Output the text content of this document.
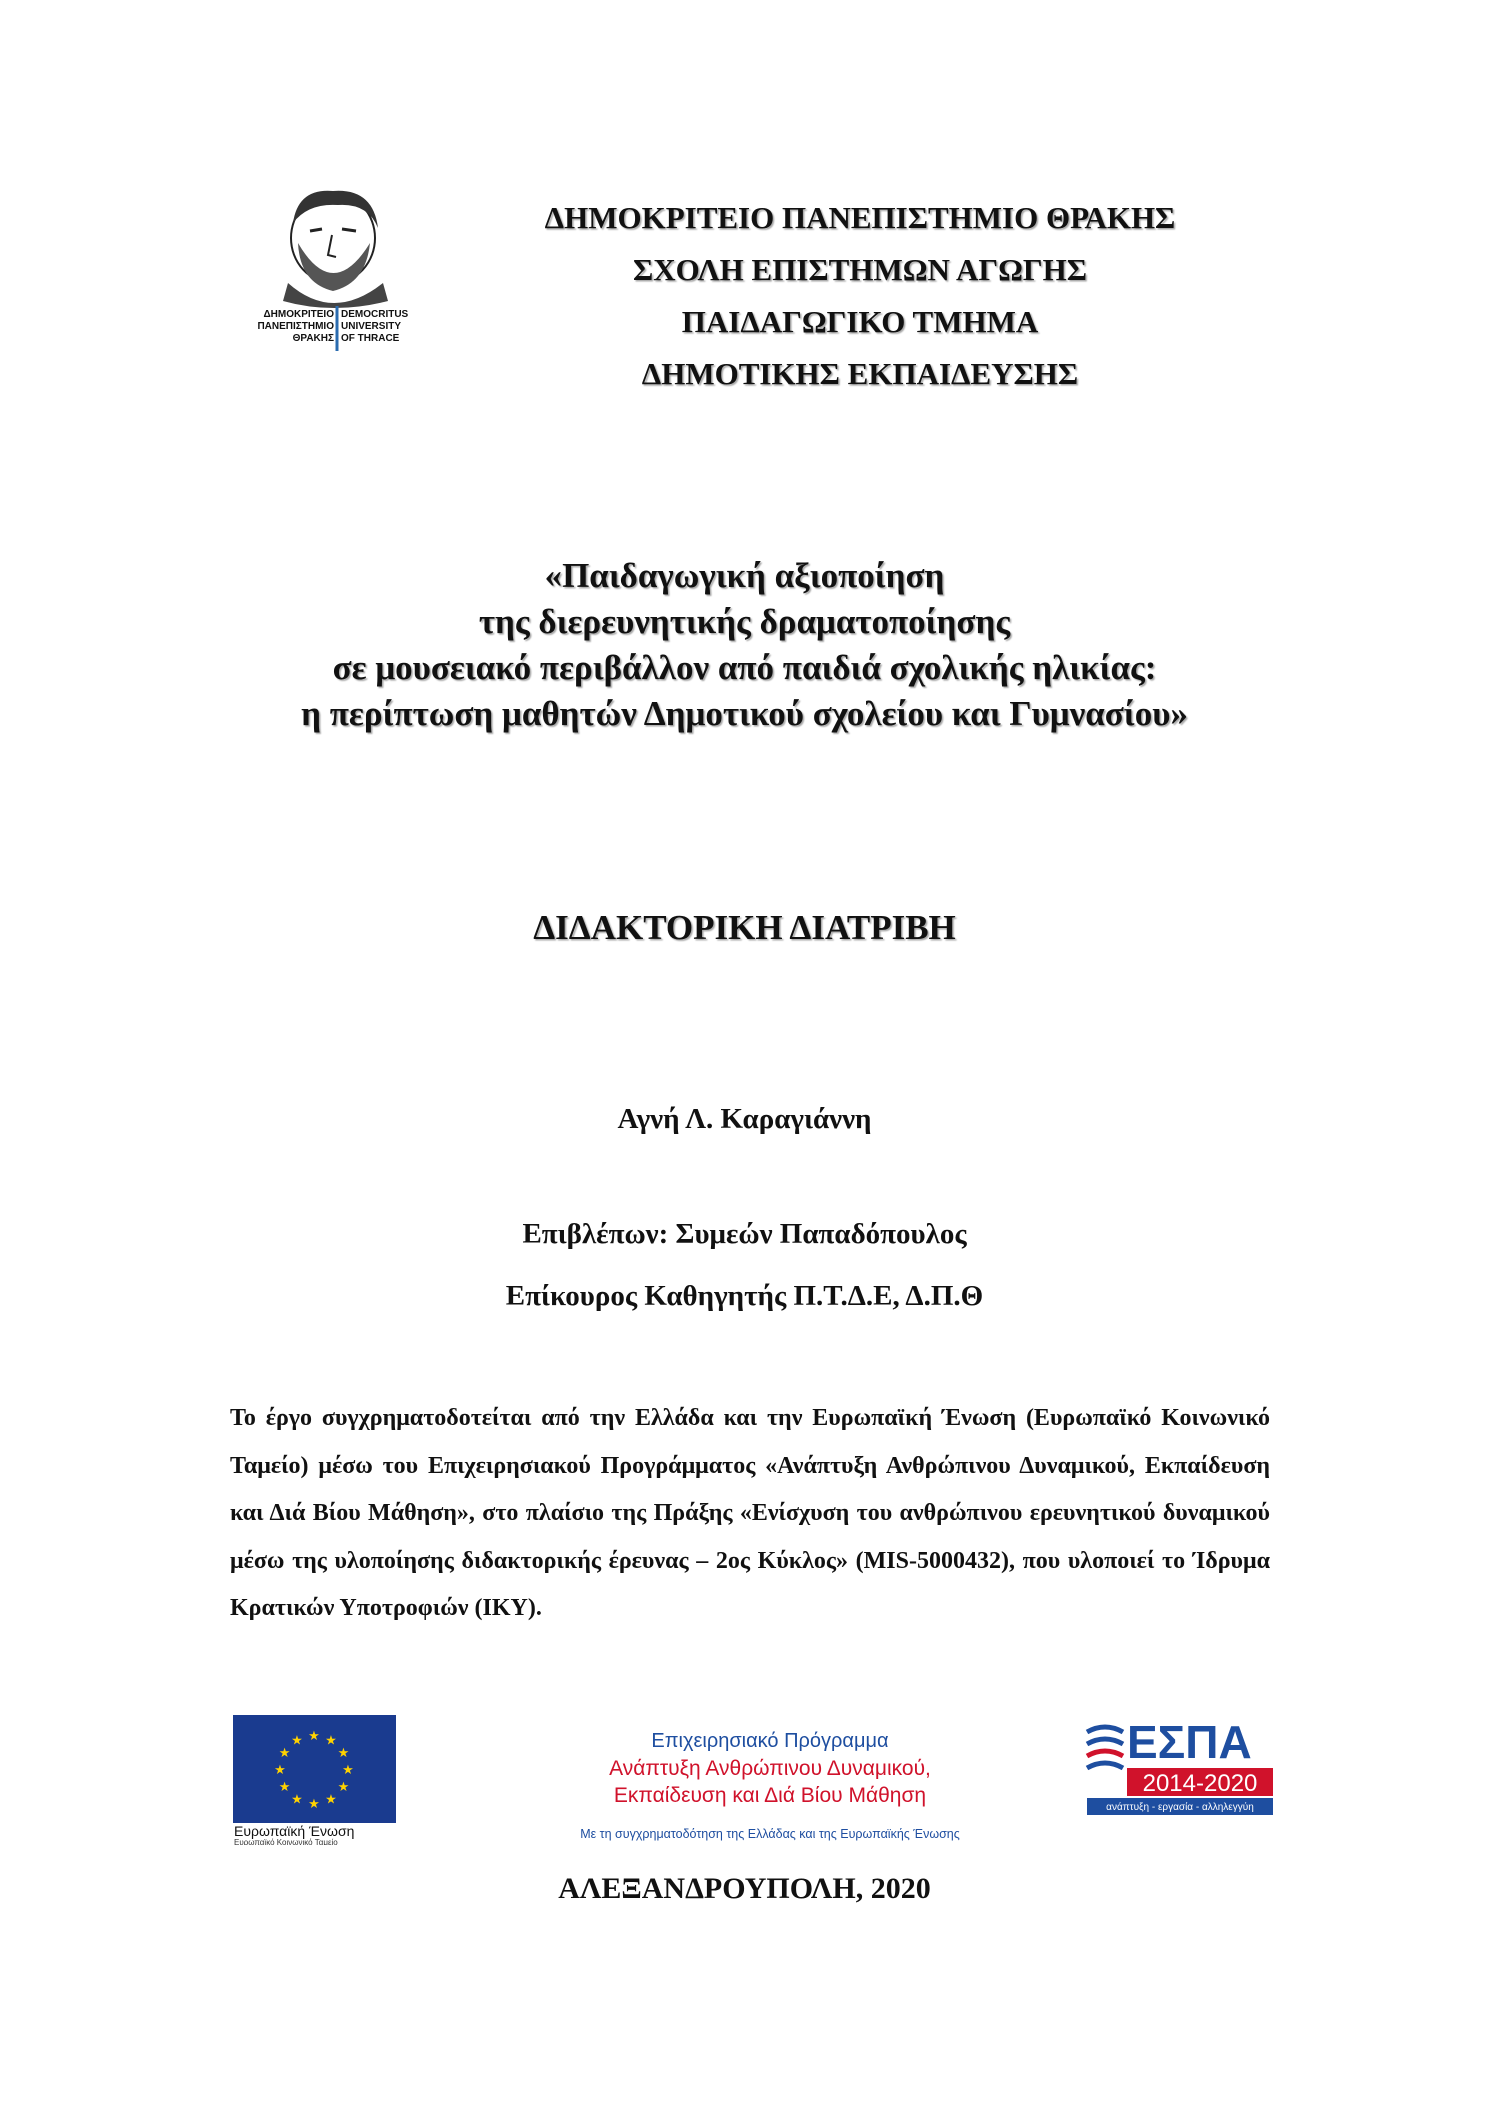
ΔΗΜΟΚΡΙΤΕΙΟ
ΠΑΝΕΠΙΣΤΗΜΙΟ
ΘΡΑΚΗΣ
DEMOCRITUS
UNIVERSITY
OF THRACE
ΔΗΜΟΚΡΙΤΕΙΟ ΠΑΝΕΠΙΣΤΗΜΙΟ ΘΡΑΚΗΣ
ΣΧΟΛΗ ΕΠΙΣΤΗΜΩΝ ΑΓΩΓΗΣ
ΠΑΙΔΑΓΩΓΙΚΟ ΤΜΗΜΑ
ΔΗΜΟΤΙΚΗΣ ΕΚΠΑΙΔΕΥΣΗΣ
«Παιδαγωγική αξιοποίηση
της διερευνητικής δραματοποίησης
σε μουσειακό περιβάλλον από παιδιά σχολικής ηλικίας:
η περίπτωση μαθητών Δημοτικού σχολείου και Γυμνασίου»
ΔΙΔΑΚΤΟΡΙΚΗ ΔΙΑΤΡΙΒΗ
Αγνή Λ. Καραγιάννη
Επιβλέπων: Συμεών Παπαδόπουλος
Επίκουρος Καθηγητής Π.Τ.Δ.Ε, Δ.Π.Θ
Το έργο συγχρηματοδοτείται από την Ελλάδα και την Ευρωπαϊκή Ένωση (Ευρωπαϊκό Κοινωνικό Ταμείο) μέσω του Επιχειρησιακού Προγράμματος «Ανάπτυξη Ανθρώπινου Δυναμικού, Εκπαίδευση και Διά Βίου Μάθηση», στο πλαίσιο της Πράξης «Ενίσχυση του ανθρώπινου ερευνητικού δυναμικού μέσω της υλοποίησης διδακτορικής έρευνας – 2ος Κύκλος» (MIS-5000432), που υλοποιεί το Ίδρυμα Κρατικών Υποτροφιών (ΙΚΥ).
★ ★
★
★
★
★
★
★
★
★
★
★
Ευρωπαϊκή Ένωση
Ευρωπαϊκό Κοινωνικό Ταμείο
Επιχειρησιακό Πρόγραμμα
Ανάπτυξη Ανθρώπινου Δυναμικού,
Εκπαίδευση και Διά Βίου Μάθηση
Με τη συγχρηματοδότηση της Ελλάδας και της Ευρωπαϊκής Ένωσης
ΕΣΠΑ
2014-2020
ανάπτυξη - εργασία - αλληλεγγύη
ΑΛΕΞΑΝΔΡΟΥΠΟΛΗ, 2020
